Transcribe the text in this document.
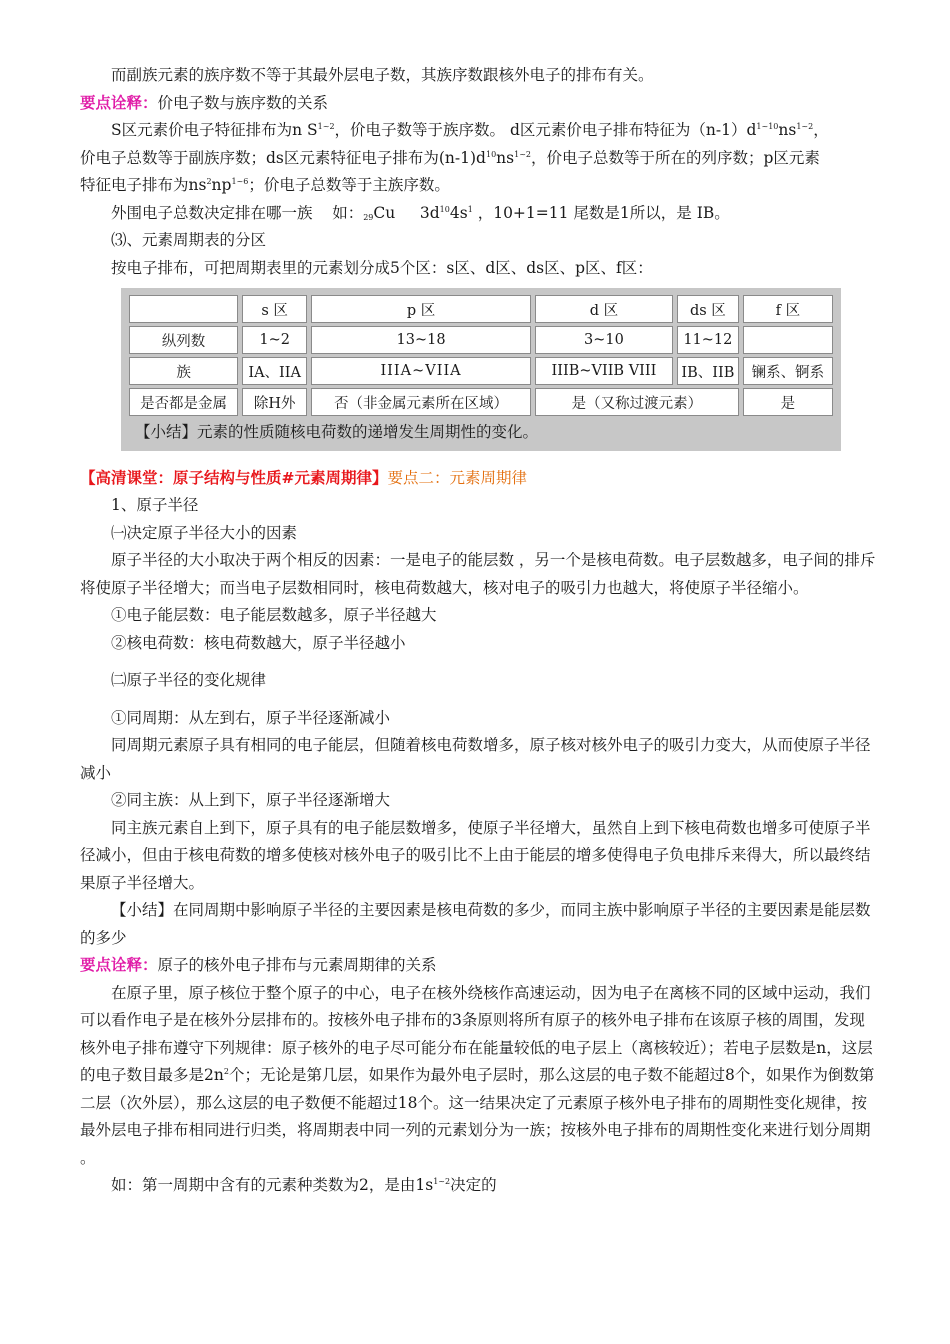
而副族元素的族序数不等于其最外层电子数，其族序数跟核外电子的排布有关。

要点诠释：价电子数与族序数的关系

S区元素价电子特征排布为n $S^{1\sim 2}$，价电子数等于族序数。 d区元素价电子排布特征为$(n-1)d^{1\sim 10}ns^{1\sim 2}$，
价电子总数等于副族序数；ds区元素特征电子排布为$(n-1)d^{10}ns^{1\sim 2}$，价电子总数等于所在的列序数；p区元素
特征电子排布为$ns^2np^{1\sim 6}$；价电子总数等于主族序数。

外围电子总数决定排在哪一族    如：$_{29}$Cu     $3d^{10}4s^1$ ，10+1=11 尾数是1所以，是 IB。

⑶、元素周期表的分区

按电子排布，可把周期表里的元素划分成5个区：s区、d区、ds区、p区、f区：

	s 区	p 区	d 区	ds 区	f 区
纵列数	1~2	13~18	3~10	11~12	
族	IA、IIA	IIIA~VIIA	IIIB~VIIB VIII	IB、IIB	镧系、锕系
是否都是金属	除H外	否（非金属元素所在区域）	是（又称过渡元素）		是

【小结】元素的性质随核电荷数的递增发生周期性的变化。

【高清课堂：原子结构与性质#元素周期律】要点二：元素周期律

1、原子半径

㈠决定原子半径大小的因素

原子半径的大小取决于两个相反的因素：一是电子的能层数 ，另一个是核电荷数。电子层数越多，电子间的排斥将使原子半径增大；而当电子层数相同时，核电荷数越大，核对电子的吸引力也越大，将使原子半径缩小。

①电子能层数：电子能层数越多，原子半径越大

②核电荷数：核电荷数越大，原子半径越小

㈡原子半径的变化规律

①同周期：从左到右，原子半径逐渐减小

同周期元素原子具有相同的电子能层，但随着核电荷数增多，原子核对核外电子的吸引力变大，从而使原子半径减小

②同主族：从上到下，原子半径逐渐增大

同主族元素自上到下，原子具有的电子能层数增多，使原子半径增大，虽然自上到下核电荷数也增多可使原子半径减小，但由于核电荷数的增多使核对核外电子的吸引比不上由于能层的增多使得电子负电排斥来得大，所以最终结果原子半径增大。

【小结】在同周期中影响原子半径的主要因素是核电荷数的多少，而同主族中影响原子半径的主要因素是能层数的多少

要点诠释：原子的核外电子排布与元素周期律的关系

在原子里，原子核位于整个原子的中心，电子在核外绕核作高速运动，因为电子在离核不同的区域中运动，我们可以看作电子是在核外分层排布的。按核外电子排布的3条原则将所有原子的核外电子排布在该原子核的周围，发现核外电子排布遵守下列规律：原子核外的电子尽可能分布在能量较低的电子层上（离核较近）；若电子层数是n，这层的电子数目最多是$2n^2$个；无论是第几层，如果作为最外电子层时，那么这层的电子数不能超过8个，如果作为倒数第二层（次外层），那么这层的电子数便不能超过18个。这一结果决定了元素原子核外电子排布的周期性变化规律，按最外层电子排布相同进行归类，将周期表中同一列的元素划分为一族；按核外电子排布的周期性变化来进行划分周期 。

如：第一周期中含有的元素种类数为2，是由$1s^{1\sim 2}$决定的
